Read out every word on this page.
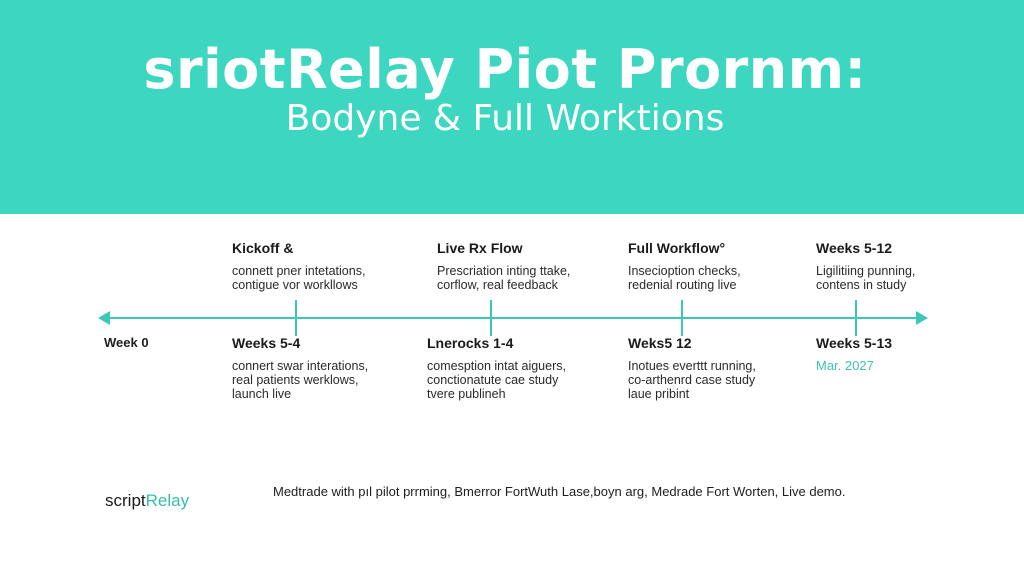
sriotRelay Piot Prornm:
Bodyne & Full Worktions
Week 0
Kickoff &
connett pner intetations,
contigue vor workllows
Live Rx Flow
Prescriation inting ttake,
corflow, real feedback
Full Workflow°
Insecioption checks,
redenial routing live
Weeks 5-12
Ligilitiing punning,
contens in study
Weeks 5-4
connert swar interations,
real patients werklows,
launch live
Lnerocks 1-4
comesption intat aiguers,
conctionatute cae study
tvere publineh
Weks5 12
Inotues everttt running,
co-arthenrd case study
laue pribint
Weeks 5-13
Mar. 2027
scriptRelay	Medtrade with pıl pilot prrming, Bmerror FortWuth Lase,boyn arg, Medrade Fort Worten, Live demo.
